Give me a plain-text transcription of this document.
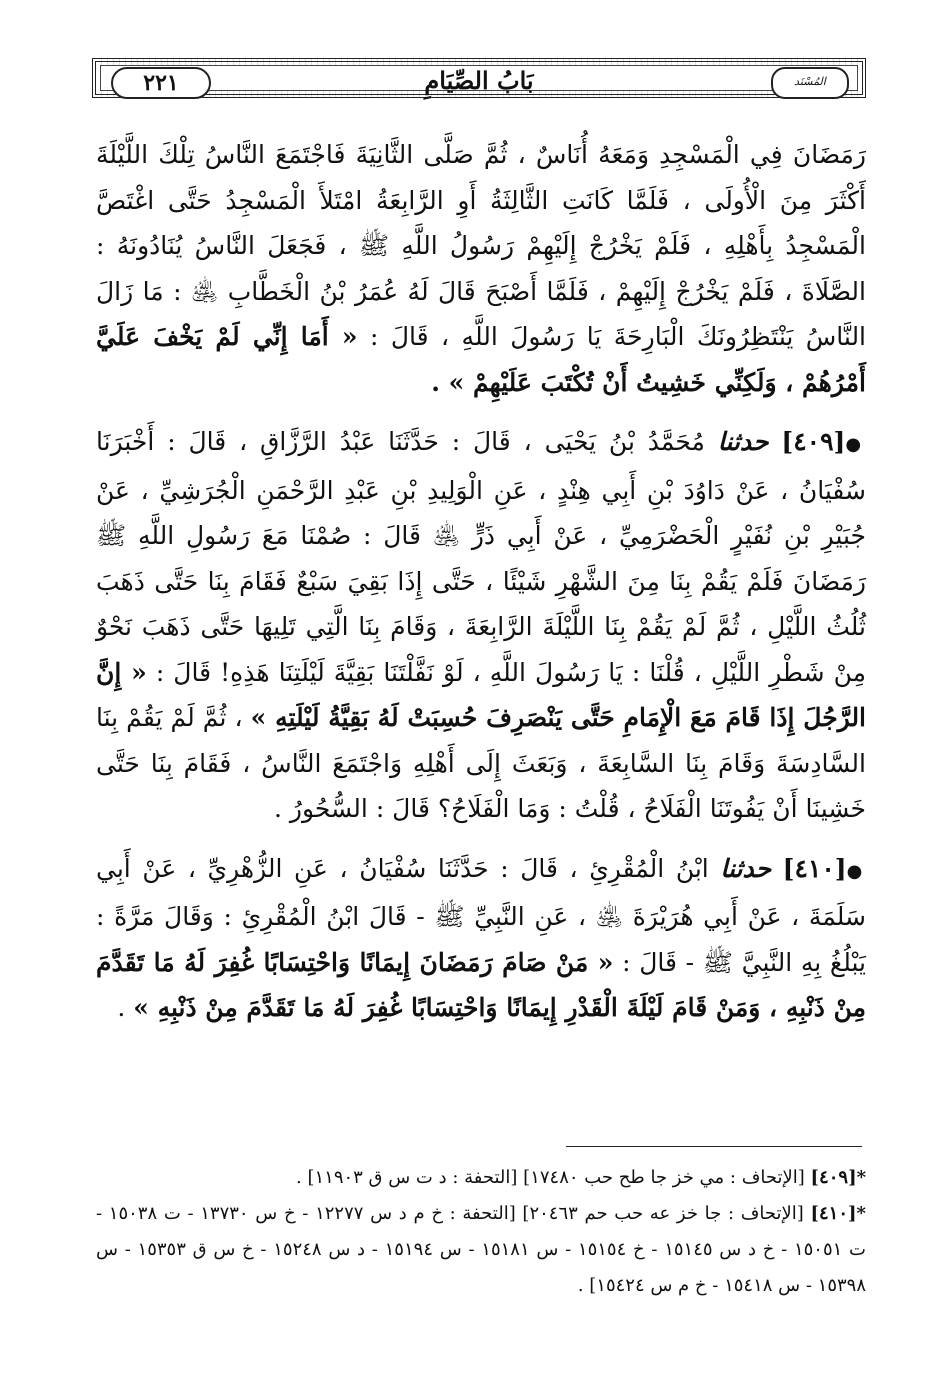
٢٢١	بَابُ الصِّيَامِ	المُسْنَد

رَمَضَانَ فِي الْمَسْجِدِ وَمَعَهُ أُنَاسٌ ، ثُمَّ صَلَّى الثَّانِيَةَ فَاجْتَمَعَ النَّاسُ تِلْكَ اللَّيْلَةَ أَكْثَرَ مِنَ الْأُولَى ، فَلَمَّا كَانَتِ الثَّالِثَةُ أَوِ الرَّابِعَةُ امْتَلأَ الْمَسْجِدُ حَتَّى اغْتَصَّ الْمَسْجِدُ بِأَهْلِهِ ، فَلَمْ يَخْرُجْ إِلَيْهِمْ رَسُولُ اللَّهِ ﷺ ، فَجَعَلَ النَّاسُ يُنَادُونَهُ : الصَّلَاةَ ، فَلَمْ يَخْرُجْ إِلَيْهِمْ ، فَلَمَّا أَصْبَحَ قَالَ لَهُ عُمَرُ بْنُ الْخَطَّابِ ﵁ : مَا زَالَ النَّاسُ يَنْتَظِرُونَكَ الْبَارِحَةَ يَا رَسُولَ اللَّهِ ، قَالَ : « أَمَا إِنِّي لَمْ يَخْفَ عَلَيَّ أَمْرُهُمْ ، وَلَكِنِّي خَشِيتُ أَنْ تُكْتَبَ عَلَيْهِمْ » .

●[٤٠٩] حدثنا مُحَمَّدُ بْنُ يَحْيَى ، قَالَ : حَدَّثَنَا عَبْدُ الرَّزَّاقِ ، قَالَ : أَخْبَرَنَا سُفْيَانُ ، عَنْ دَاوُدَ بْنِ أَبِي هِنْدٍ ، عَنِ الْوَلِيدِ بْنِ عَبْدِ الرَّحْمَنِ الْجُرَشِيِّ ، عَنْ جُبَيْرِ بْنِ نُفَيْرٍ الْحَضْرَمِيِّ ، عَنْ أَبِي ذَرٍّ ﵁ قَالَ : صُمْنَا مَعَ رَسُولِ اللَّهِ ﷺ رَمَضَانَ فَلَمْ يَقُمْ بِنَا مِنَ الشَّهْرِ شَيْئًا ، حَتَّى إِذَا بَقِيَ سَبْعٌ فَقَامَ بِنَا حَتَّى ذَهَبَ ثُلُثُ اللَّيْلِ ، ثُمَّ لَمْ يَقُمْ بِنَا اللَّيْلَةَ الرَّابِعَةَ ، وَقَامَ بِنَا الَّتِي تَلِيهَا حَتَّى ذَهَبَ نَحْوٌ مِنْ شَطْرِ اللَّيْلِ ، قُلْنَا : يَا رَسُولَ اللَّهِ ، لَوْ نَفَّلْتَنَا بَقِيَّةَ لَيْلَتِنَا هَذِهِ! قَالَ : « إِنَّ الرَّجُلَ إِذَا قَامَ مَعَ الْإِمَامِ حَتَّى يَنْصَرِفَ حُسِبَتْ لَهُ بَقِيَّةُ لَيْلَتِهِ » ، ثُمَّ لَمْ يَقُمْ بِنَا السَّادِسَةَ وَقَامَ بِنَا السَّابِعَةَ ، وَبَعَثَ إِلَى أَهْلِهِ وَاجْتَمَعَ النَّاسُ ، فَقَامَ بِنَا حَتَّى خَشِينَا أَنْ يَفُوتَنَا الْفَلَاحُ ، قُلْتُ : وَمَا الْفَلَاحُ؟ قَالَ : السُّحُورُ .

●[٤١٠] حدثنا ابْنُ الْمُقْرِئِ ، قَالَ : حَدَّثَنَا سُفْيَانُ ، عَنِ الزُّهْرِيِّ ، عَنْ أَبِي سَلَمَةَ ، عَنْ أَبِي هُرَيْرَةَ ﵁ ، عَنِ النَّبِيِّ ﷺ - قَالَ ابْنُ الْمُقْرِئِ : وَقَالَ مَرَّةً : يَبْلُغُ بِهِ النَّبِيَّ ﷺ - قَالَ : « مَنْ صَامَ رَمَضَانَ إِيمَانًا وَاحْتِسَابًا غُفِرَ لَهُ مَا تَقَدَّمَ مِنْ ذَنْبِهِ ، وَمَنْ قَامَ لَيْلَةَ الْقَدْرِ إِيمَانًا وَاحْتِسَابًا غُفِرَ لَهُ مَا تَقَدَّمَ مِنْ ذَنْبِهِ » .

*[٤٠٩] [الإتحاف : مي خز جا طح حب ١٧٤٨٠] [التحفة : د ت س ق ١١٩٠٣] .

*[٤١٠] [الإتحاف : جا خز عه حب حم ٢٠٤٦٣] [التحفة : خ م د س ١٢٢٧٧ - خ س ١٣٧٣٠ - ت ١٥٠٣٨ - ت ١٥٠٥١ - خ د س ١٥١٤٥ - خ ١٥١٥٤ - س ١٥١٨١ - س ١٥١٩٤ - د س ١٥٢٤٨ - خ س ق ١٥٣٥٣ - س ١٥٣٩٨ - س ١٥٤١٨ - خ م س ١٥٤٢٤] .
